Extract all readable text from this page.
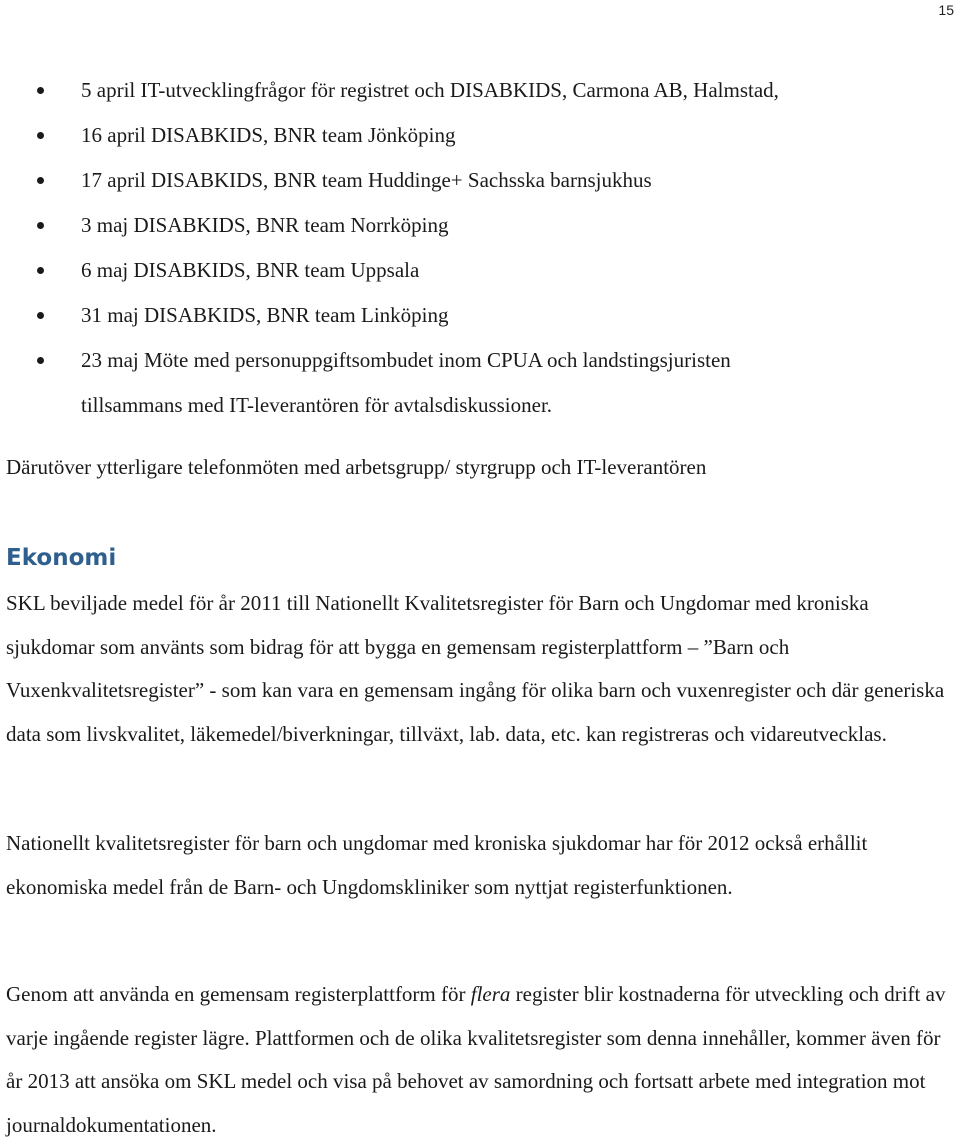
15
5 april IT-utvecklingfrågor för registret och DISABKIDS, Carmona AB, Halmstad,
16 april DISABKIDS, BNR team Jönköping
17 april DISABKIDS, BNR team Huddinge+ Sachsska barnsjukhus
3 maj DISABKIDS, BNR team Norrköping
6 maj DISABKIDS, BNR team Uppsala
31 maj DISABKIDS, BNR team Linköping
23 maj Möte med personuppgiftsombudet inom CPUA och landstingsjuristen
tillsammans med IT-leverantören för avtalsdiskussioner.

Därutöver ytterligare telefonmöten med arbetsgrupp/ styrgrupp och IT-leverantören

Ekonomi

SKL beviljade medel för år 2011 till Nationellt Kvalitetsregister för Barn och Ungdomar med kroniska sjukdomar som använts som bidrag för att bygga en gemensam registerplattform – ”Barn och Vuxenkvalitetsregister” - som kan vara en gemensam ingång för olika barn och vuxenregister och där generiska data som livskvalitet, läkemedel/biverkningar, tillväxt, lab. data, etc. kan registreras och vidareutvecklas.

Nationellt kvalitetsregister för barn och ungdomar med kroniska sjukdomar har för 2012 också erhållit ekonomiska medel från de Barn- och Ungdomskliniker som nyttjat registerfunktionen.

Genom att använda en gemensam registerplattform för flera register blir kostnaderna för utveckling och drift av varje ingående register lägre. Plattformen och de olika kvalitetsregister som denna innehåller, kommer även för år 2013 att ansöka om SKL medel och visa på behovet av samordning och fortsatt arbete med integration mot journaldokumentationen.
